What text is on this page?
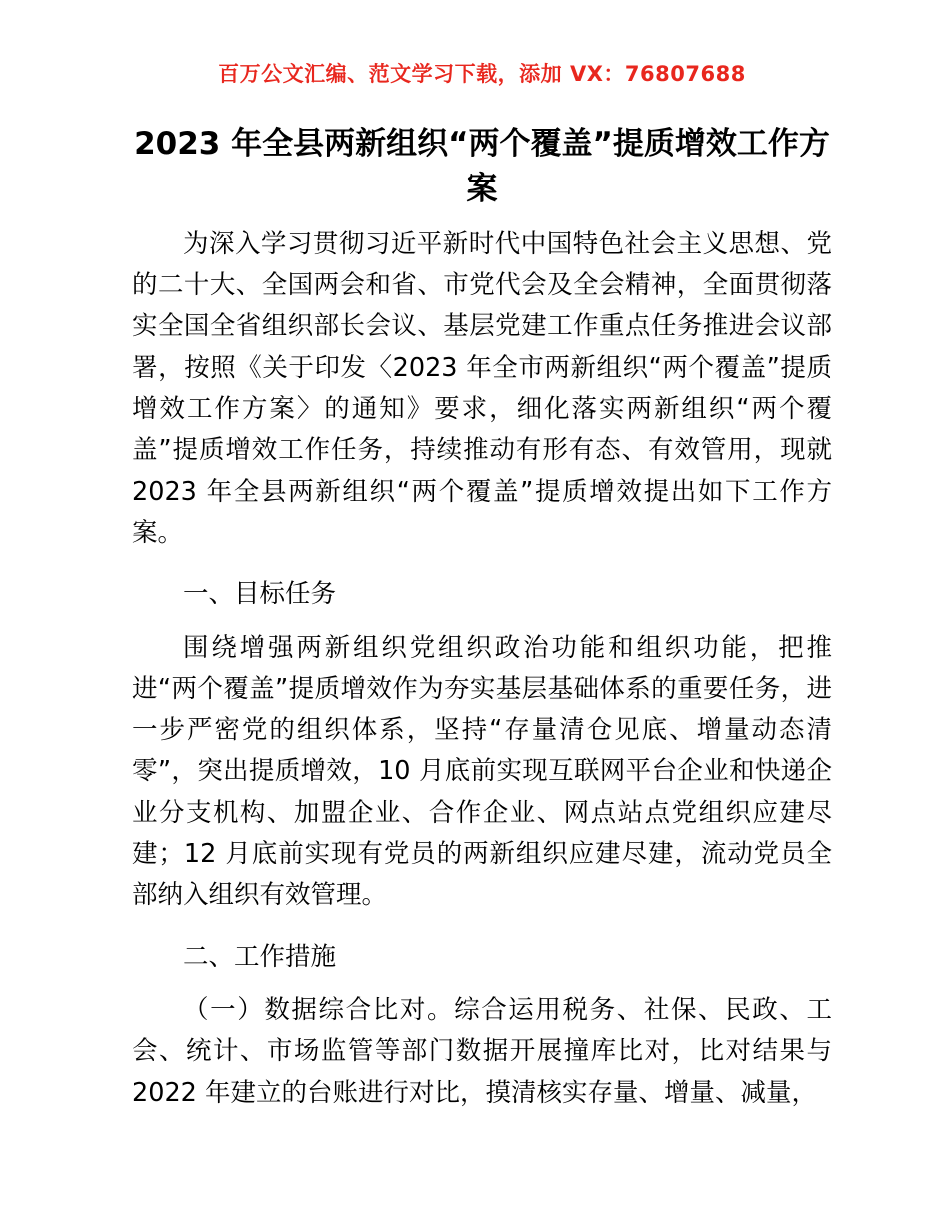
百万公文汇编、范文学习下载，添加 VX：76807688
2023 年全县两新组织“两个覆盖”提质增效工作方案

为深入学习贯彻习近平新时代中国特色社会主义思想、党的二十大、全国两会和省、市党代会及全会精神，全面贯彻落实全国全省组织部长会议、基层党建工作重点任务推进会议部署，按照《关于印发〈2023 年全市两新组织“两个覆盖”提质增效工作方案〉的通知》要求，细化落实两新组织“两个覆盖”提质增效工作任务，持续推动有形有态、有效管用，现就 2023 年全县两新组织“两个覆盖”提质增效提出如下工作方案。

一、目标任务

围绕增强两新组织党组织政治功能和组织功能，把推进“两个覆盖”提质增效作为夯实基层基础体系的重要任务，进一步严密党的组织体系，坚持“存量清仓见底、增量动态清零”，突出提质增效，10 月底前实现互联网平台企业和快递企业分支机构、加盟企业、合作企业、网点站点党组织应建尽建；12 月底前实现有党员的两新组织应建尽建，流动党员全部纳入组织有效管理。

二、工作措施

（一）数据综合比对。综合运用税务、社保、民政、工会、统计、市场监管等部门数据开展撞库比对，比对结果与 2022 年建立的台账进行对比，摸清核实存量、增量、减量，
